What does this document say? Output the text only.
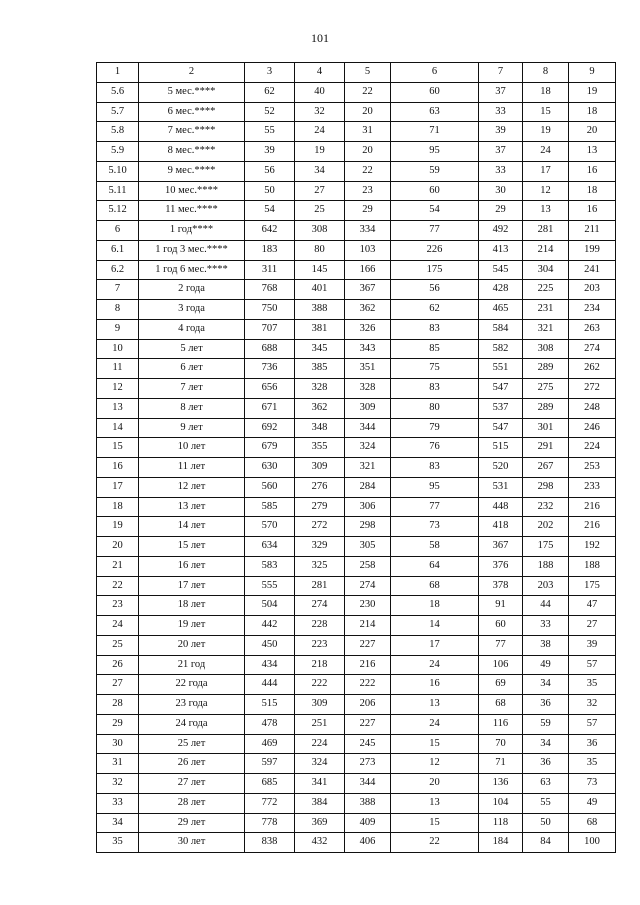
101
1	2	3	4	5	6	7	8	9
5.6	5 мес.****	62	40	22	60	37	18	19
5.7	6 мес.****	52	32	20	63	33	15	18
5.8	7 мес.****	55	24	31	71	39	19	20
5.9	8 мес.****	39	19	20	95	37	24	13
5.10	9 мес.****	56	34	22	59	33	17	16
5.11	10 мес.****	50	27	23	60	30	12	18
5.12	11 мес.****	54	25	29	54	29	13	16
6	1 год****	642	308	334	77	492	281	211
6.1	1 год 3 мес.****	183	80	103	226	413	214	199
6.2	1 год 6 мес.****	311	145	166	175	545	304	241
7	2 года	768	401	367	56	428	225	203
8	3 года	750	388	362	62	465	231	234
9	4 года	707	381	326	83	584	321	263
10	5 лет	688	345	343	85	582	308	274
11	6 лет	736	385	351	75	551	289	262
12	7 лет	656	328	328	83	547	275	272
13	8 лет	671	362	309	80	537	289	248
14	9 лет	692	348	344	79	547	301	246
15	10 лет	679	355	324	76	515	291	224
16	11 лет	630	309	321	83	520	267	253
17	12 лет	560	276	284	95	531	298	233
18	13 лет	585	279	306	77	448	232	216
19	14 лет	570	272	298	73	418	202	216
20	15 лет	634	329	305	58	367	175	192
21	16 лет	583	325	258	64	376	188	188
22	17 лет	555	281	274	68	378	203	175
23	18 лет	504	274	230	18	91	44	47
24	19 лет	442	228	214	14	60	33	27
25	20 лет	450	223	227	17	77	38	39
26	21 год	434	218	216	24	106	49	57
27	22 года	444	222	222	16	69	34	35
28	23 года	515	309	206	13	68	36	32
29	24 года	478	251	227	24	116	59	57
30	25 лет	469	224	245	15	70	34	36
31	26 лет	597	324	273	12	71	36	35
32	27 лет	685	341	344	20	136	63	73
33	28 лет	772	384	388	13	104	55	49
34	29 лет	778	369	409	15	118	50	68
35	30 лет	838	432	406	22	184	84	100
